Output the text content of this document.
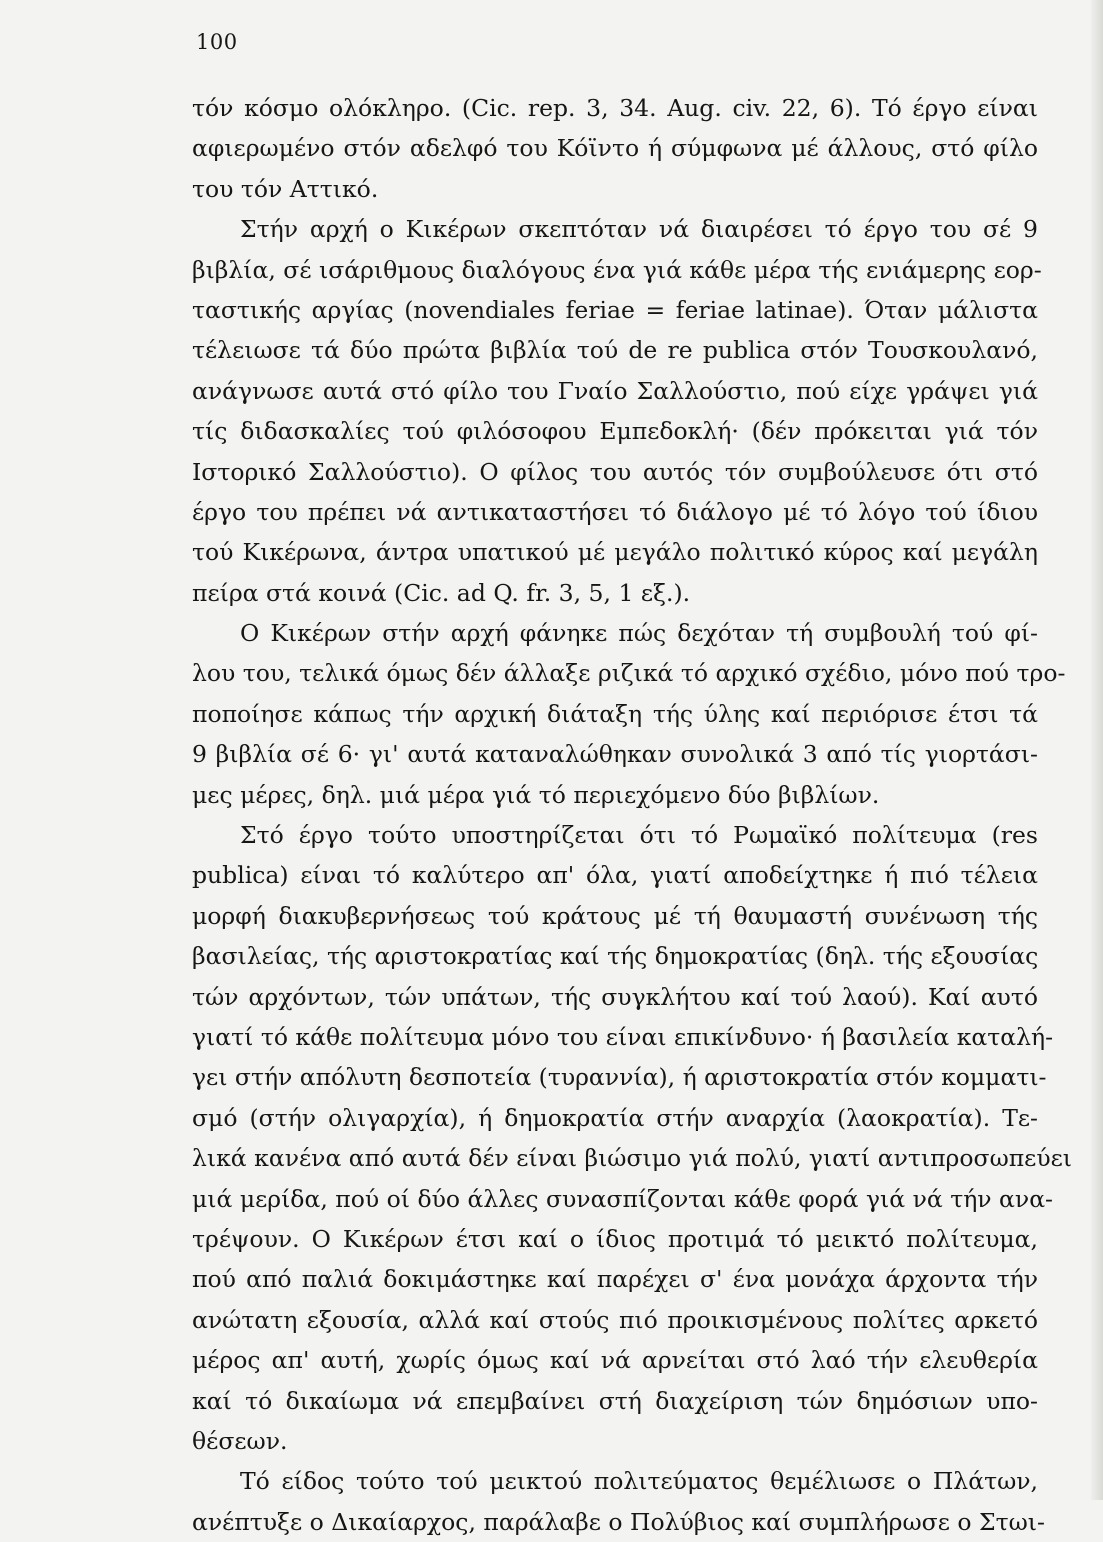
100
τόν κόσμο ολόκληρο. (Cic. rep. 3, 34. Aug. civ. 22, 6). Τό έργο είναι
αφιερωμένο στόν αδελφό του Κόϊντο ή σύμφωνα μέ άλλους, στό φίλο
του τόν Αττικό.
Στήν αρχή ο Κικέρων σκεπτόταν νά διαιρέσει τό έργο του σέ 9
βιβλία, σέ ισάριθμους διαλόγους ένα γιά κάθε μέρα τής ενιάμερης εορ-
ταστικής αργίας (novendiales feriae = feriae latinae). Όταν μάλιστα
τέλειωσε τά δύο πρώτα βιβλία τού de re publica στόν Τουσκουλανό,
ανάγνωσε αυτά στό φίλο του Γναίο Σαλλούστιο, πού είχε γράψει γιά
τίς διδασκαλίες τού φιλόσοφου Εμπεδοκλή· (δέν πρόκειται γιά τόν
Ιστορικό Σαλλούστιο). Ο φίλος του αυτός τόν συμβούλευσε ότι στό
έργο του πρέπει νά αντικαταστήσει τό διάλογο μέ τό λόγο τού ίδιου
τού Κικέρωνα, άντρα υπατικού μέ μεγάλο πολιτικό κύρος καί μεγάλη
πείρα στά κοινά (Cic. ad Q. fr. 3, 5, 1 εξ.).
Ο Κικέρων στήν αρχή φάνηκε πώς δεχόταν τή συμβουλή τού φί-
λου του, τελικά όμως δέν άλλαξε ριζικά τό αρχικό σχέδιο, μόνο πού τρο-
ποποίησε κάπως τήν αρχική διάταξη τής ύλης καί περιόρισε έτσι τά
9 βιβλία σέ 6· γι' αυτά καταναλώθηκαν συνολικά 3 από τίς γιορτάσι-
μες μέρες, δηλ. μιά μέρα γιά τό περιεχόμενο δύο βιβλίων.
Στό έργο τούτο υποστηρίζεται ότι τό Ρωμαϊκό πολίτευμα (res
publica) είναι τό καλύτερο απ' όλα, γιατί αποδείχτηκε ή πιό τέλεια
μορφή διακυβερνήσεως τού κράτους μέ τή θαυμαστή συνένωση τής
βασιλείας, τής αριστοκρατίας καί τής δημοκρατίας (δηλ. τής εξουσίας
τών αρχόντων, τών υπάτων, τής συγκλήτου καί τού λαού). Καί αυτό
γιατί τό κάθε πολίτευμα μόνο του είναι επικίνδυνο· ή βασιλεία καταλή-
γει στήν απόλυτη δεσποτεία (τυραννία), ή αριστοκρατία στόν κομματι-
σμό (στήν ολιγαρχία), ή δημοκρατία στήν αναρχία (λαοκρατία). Τε-
λικά κανένα από αυτά δέν είναι βιώσιμο γιά πολύ, γιατί αντιπροσωπεύει
μιά μερίδα, πού οί δύο άλλες συνασπίζονται κάθε φορά γιά νά τήν ανα-
τρέψουν. Ο Κικέρων έτσι καί ο ίδιος προτιμά τό μεικτό πολίτευμα,
πού από παλιά δοκιμάστηκε καί παρέχει σ' ένα μονάχα άρχοντα τήν
ανώτατη εξουσία, αλλά καί στούς πιό προικισμένους πολίτες αρκετό
μέρος απ' αυτή, χωρίς όμως καί νά αρνείται στό λαό τήν ελευθερία
καί τό δικαίωμα νά επεμβαίνει στή διαχείριση τών δημόσιων υπο-
θέσεων.
Τό είδος τούτο τού μεικτού πολιτεύματος θεμέλιωσε ο Πλάτων,
ανέπτυξε ο Δικαίαρχος, παράλαβε ο Πολύβιος καί συμπλήρωσε ο Στωι-
